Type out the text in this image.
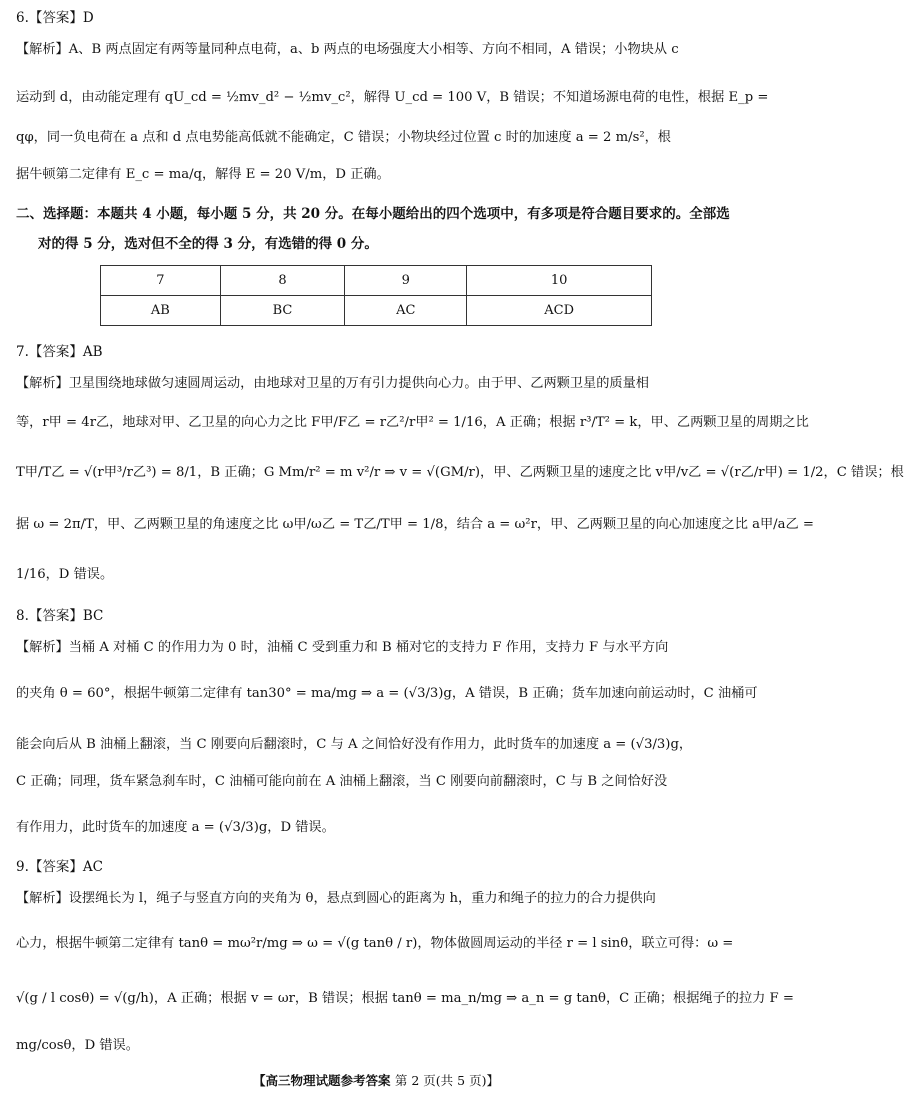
6.【答案】D
【解析】A、B 两点固定有两等量同种点电荷，a、b 两点的电场强度大小相等、方向不相同，A 错误；小物块从 c
运动到 d，由动能定理有 qU_cd = ½mv_d² − ½mv_c²，解得 U_cd = 100 V，B 错误；不知道场源电荷的电性，根据 E_p =
qφ，同一负电荷在 a 点和 d 点电势能高低就不能确定，C 错误；小物块经过位置 c 时的加速度 a = 2 m/s²，根
据牛顿第二定律有 E_c = ma/q，解得 E = 20 V/m，D 正确。
二、选择题：本题共 4 小题，每小题 5 分，共 20 分。在每小题给出的四个选项中，有多项是符合题目要求的。全部选
对的得 5 分，选对但不全的得 3 分，有选错的得 0 分。
7	8	9	10
AB	BC	AC	ACD
7.【答案】AB
【解析】卫星围绕地球做匀速圆周运动，由地球对卫星的万有引力提供向心力。由于甲、乙两颗卫星的质量相
等，r甲 = 4r乙，地球对甲、乙卫星的向心力之比 F甲/F乙 = r乙²/r甲² = 1/16，A 正确；根据 r³/T² = k，甲、乙两颗卫星的周期之比
T甲/T乙 = √(r甲³/r乙³) = 8/1，B 正确；G Mm/r² = m v²/r ⇒ v = √(GM/r)，甲、乙两颗卫星的速度之比 v甲/v乙 = √(r乙/r甲) = 1/2，C 错误；根
据 ω = 2π/T，甲、乙两颗卫星的角速度之比 ω甲/ω乙 = T乙/T甲 = 1/8，结合 a = ω²r，甲、乙两颗卫星的向心加速度之比 a甲/a乙 =
1/16，D 错误。
8.【答案】BC
【解析】当桶 A 对桶 C 的作用力为 0 时，油桶 C 受到重力和 B 桶对它的支持力 F 作用，支持力 F 与水平方向
的夹角 θ = 60°，根据牛顿第二定律有 tan30° = ma/mg ⇒ a = (√3/3)g，A 错误，B 正确；货车加速向前运动时，C 油桶可
能会向后从 B 油桶上翻滚，当 C 刚要向后翻滚时，C 与 A 之间恰好没有作用力，此时货车的加速度 a = (√3/3)g，
C 正确；同理，货车紧急刹车时，C 油桶可能向前在 A 油桶上翻滚，当 C 刚要向前翻滚时，C 与 B 之间恰好没
有作用力，此时货车的加速度 a = (√3/3)g，D 错误。
9.【答案】AC
【解析】设摆绳长为 l，绳子与竖直方向的夹角为 θ，悬点到圆心的距离为 h，重力和绳子的拉力的合力提供向
心力，根据牛顿第二定律有 tanθ = mω²r/mg ⇒ ω = √(g tanθ / r)，物体做圆周运动的半径 r = l sinθ，联立可得：ω =
√(g / l cosθ) = √(g/h)，A 正确；根据 v = ωr，B 错误；根据 tanθ = ma_n/mg ⇒ a_n = g tanθ，C 正确；根据绳子的拉力 F =
mg/cosθ，D 错误。
【高三物理试题参考答案 第 2 页(共 5 页)】
